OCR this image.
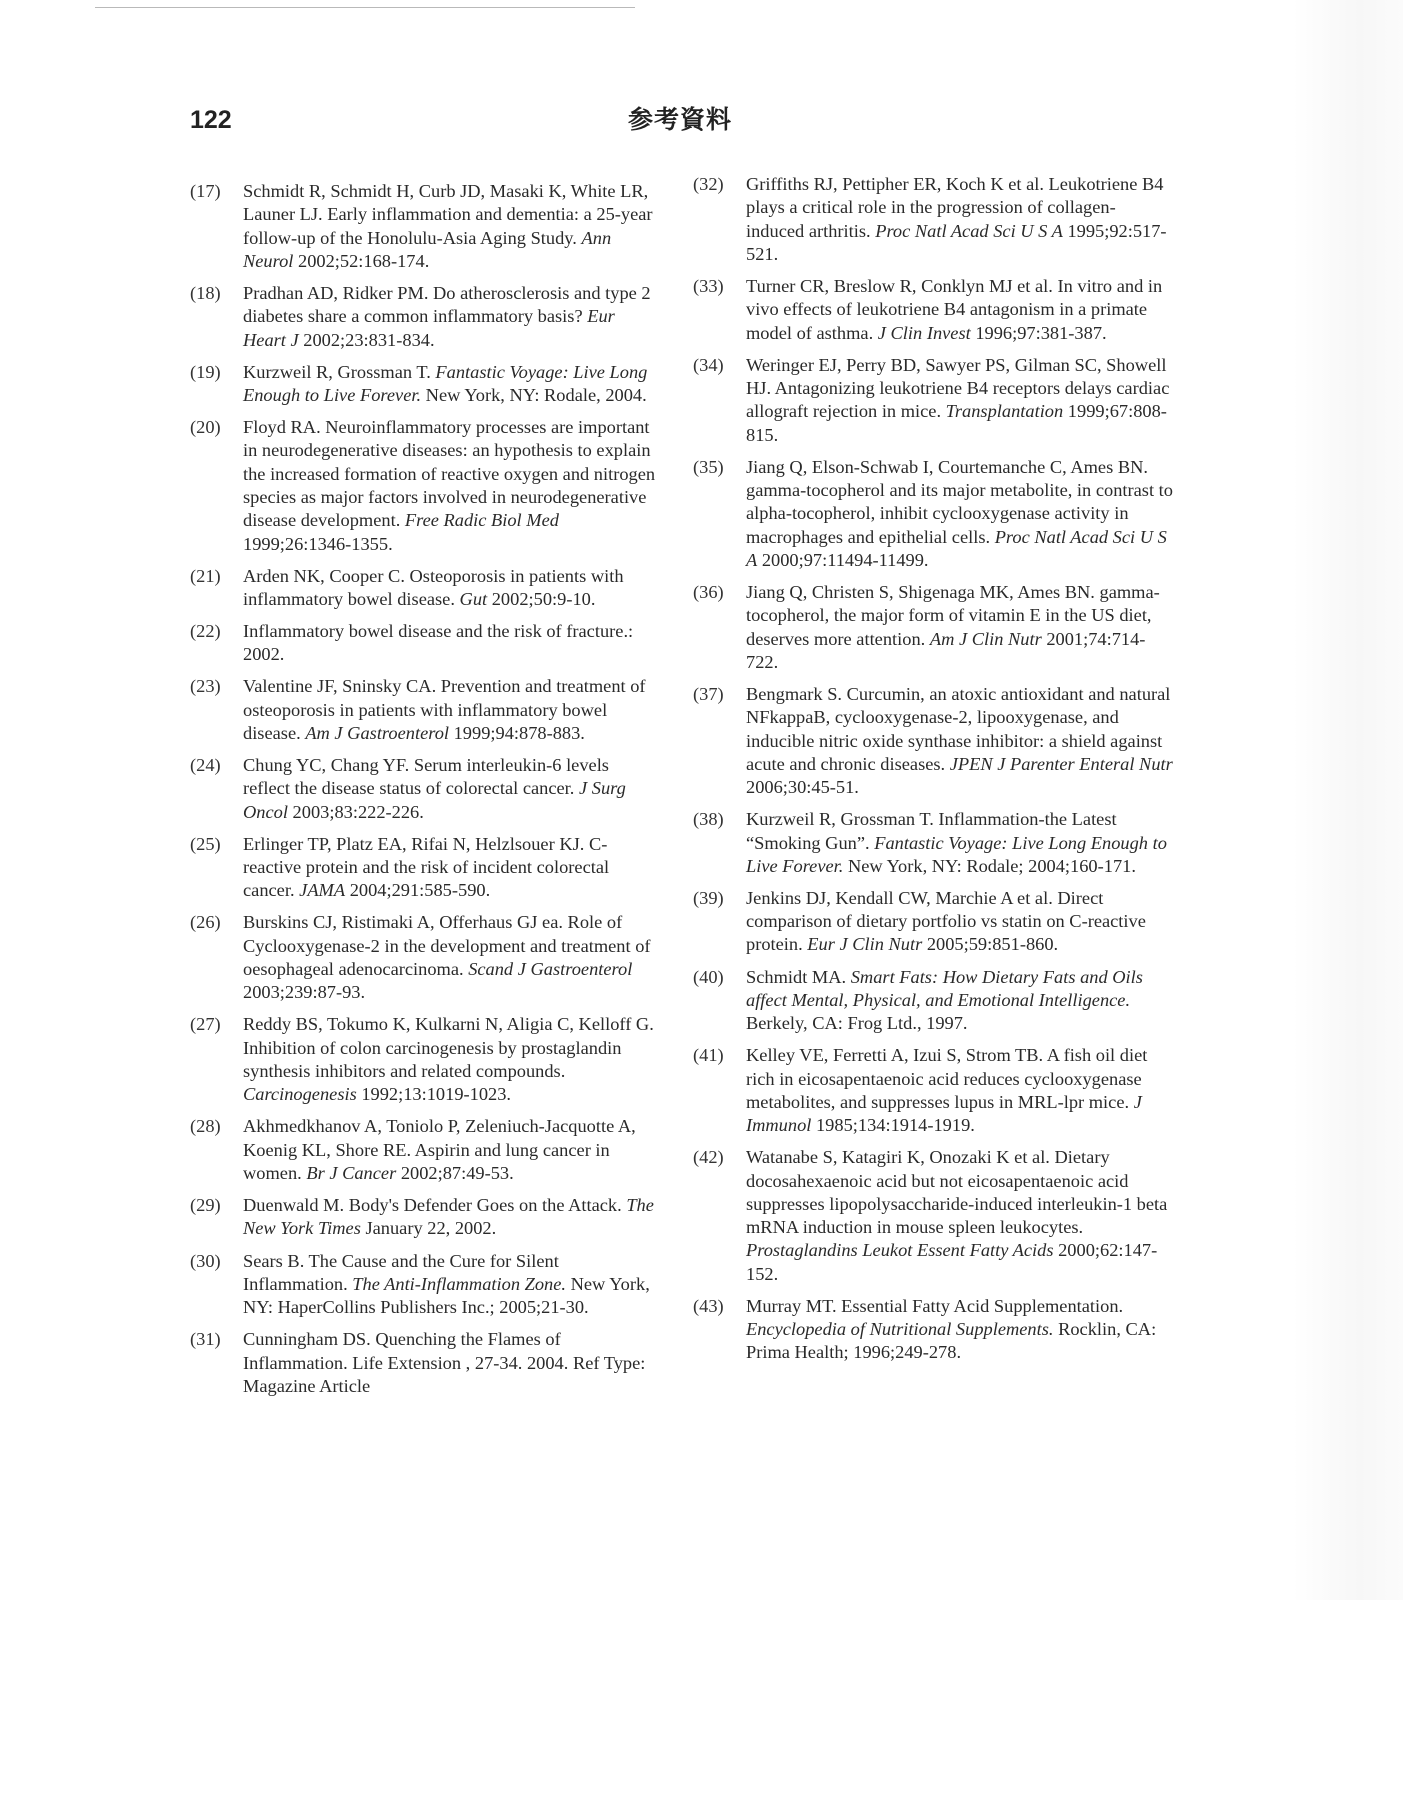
122	参考資料
(17) Schmidt R, Schmidt H, Curb JD, Masaki K, White LR, Launer LJ. Early inflammation and dementia: a 25-year follow-up of the Honolulu-Asia Aging Study. Ann Neurol 2002;52:168-174.
(18) Pradhan AD, Ridker PM. Do atherosclerosis and type 2 diabetes share a common inflammatory basis? Eur Heart J 2002;23:831-834.
(19) Kurzweil R, Grossman T. Fantastic Voyage: Live Long Enough to Live Forever. New York, NY: Rodale, 2004.
(20) Floyd RA. Neuroinflammatory processes are important in neurodegenerative diseases: an hypothesis to explain the increased formation of reactive oxygen and nitrogen species as major factors involved in neurodegenerative disease development. Free Radic Biol Med 1999;26:1346-1355.
(21) Arden NK, Cooper C. Osteoporosis in patients with inflammatory bowel disease. Gut 2002;50:9-10.
(22) Inflammatory bowel disease and the risk of fracture.: 2002.
(23) Valentine JF, Sninsky CA. Prevention and treatment of osteoporosis in patients with inflammatory bowel disease. Am J Gastroenterol 1999;94:878-883.
(24) Chung YC, Chang YF. Serum interleukin-6 levels reflect the disease status of colorectal cancer. J Surg Oncol 2003;83:222-226.
(25) Erlinger TP, Platz EA, Rifai N, Helzlsouer KJ. C-reactive protein and the risk of incident colorectal cancer. JAMA 2004;291:585-590.
(26) Burskins CJ, Ristimaki A, Offerhaus GJ ea. Role of Cyclooxygenase-2 in the development and treatment of oesophageal adenocarcinoma. Scand J Gastroenterol 2003;239:87-93.
(27) Reddy BS, Tokumo K, Kulkarni N, Aligia C, Kelloff G. Inhibition of colon carcinogenesis by prostaglandin synthesis inhibitors and related compounds. Carcinogenesis 1992;13:1019-1023.
(28) Akhmedkhanov A, Toniolo P, Zeleniuch-Jacquotte A, Koenig KL, Shore RE. Aspirin and lung cancer in women. Br J Cancer 2002;87:49-53.
(29) Duenwald M. Body's Defender Goes on the Attack. The New York Times January 22, 2002.
(30) Sears B. The Cause and the Cure for Silent Inflammation. The Anti-Inflammation Zone. New York, NY: HaperCollins Publishers Inc.; 2005;21-30.
(31) Cunningham DS. Quenching the Flames of Inflammation. Life Extension , 27-34. 2004. Ref Type: Magazine Article
(32) Griffiths RJ, Pettipher ER, Koch K et al. Leukotriene B4 plays a critical role in the progression of collagen-induced arthritis. Proc Natl Acad Sci U S A 1995;92:517-521.
(33) Turner CR, Breslow R, Conklyn MJ et al. In vitro and in vivo effects of leukotriene B4 antagonism in a primate model of asthma. J Clin Invest 1996;97:381-387.
(34) Weringer EJ, Perry BD, Sawyer PS, Gilman SC, Showell HJ. Antagonizing leukotriene B4 receptors delays cardiac allograft rejection in mice. Transplantation 1999;67:808-815.
(35) Jiang Q, Elson-Schwab I, Courtemanche C, Ames BN. gamma-tocopherol and its major metabolite, in contrast to alpha-tocopherol, inhibit cyclooxygenase activity in macrophages and epithelial cells. Proc Natl Acad Sci U S A 2000;97:11494-11499.
(36) Jiang Q, Christen S, Shigenaga MK, Ames BN. gamma-tocopherol, the major form of vitamin E in the US diet, deserves more attention. Am J Clin Nutr 2001;74:714-722.
(37) Bengmark S. Curcumin, an atoxic antioxidant and natural NFkappaB, cyclooxygenase-2, lipooxygenase, and inducible nitric oxide synthase inhibitor: a shield against acute and chronic diseases. JPEN J Parenter Enteral Nutr 2006;30:45-51.
(38) Kurzweil R, Grossman T. Inflammation-the Latest “Smoking Gun”. Fantastic Voyage: Live Long Enough to Live Forever. New York, NY: Rodale; 2004;160-171.
(39) Jenkins DJ, Kendall CW, Marchie A et al. Direct comparison of dietary portfolio vs statin on C-reactive protein. Eur J Clin Nutr 2005;59:851-860.
(40) Schmidt MA. Smart Fats: How Dietary Fats and Oils affect Mental, Physical, and Emotional Intelligence. Berkely, CA: Frog Ltd., 1997.
(41) Kelley VE, Ferretti A, Izui S, Strom TB. A fish oil diet rich in eicosapentaenoic acid reduces cyclooxygenase metabolites, and suppresses lupus in MRL-lpr mice. J Immunol 1985;134:1914-1919.
(42) Watanabe S, Katagiri K, Onozaki K et al. Dietary docosahexaenoic acid but not eicosapentaenoic acid suppresses lipopolysaccharide-induced interleukin-1 beta mRNA induction in mouse spleen leukocytes. Prostaglandins Leukot Essent Fatty Acids 2000;62:147-152.
(43) Murray MT. Essential Fatty Acid Supplementation. Encyclopedia of Nutritional Supplements. Rocklin, CA: Prima Health; 1996;249-278.
